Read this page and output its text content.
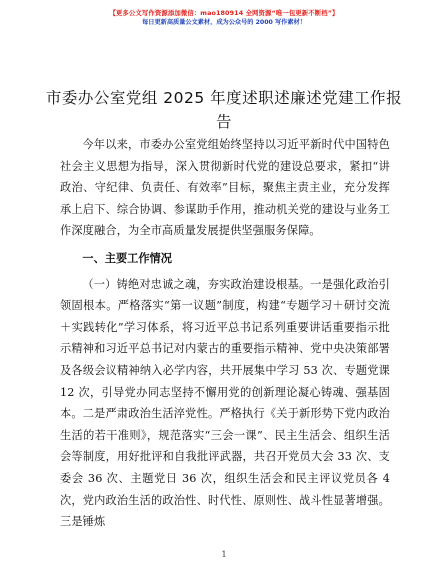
【更多公文写作资源添加微信：mao180914 全网资源“唯一包更新不断档”】
每日更新高质量公文素材，成为公众号的 2000 写作素材！
市委办公室党组 2025 年度述职述廉述党建工作报告

今年以来，市委办公室党组始终坚持以习近平新时代中国特色社会主义思想为指导，深入贯彻新时代党的建设总要求，紧扣“讲政治、守纪律、负责任、有效率”目标，聚焦主责主业，充分发挥承上启下、综合协调、参谋助手作用，推动机关党的建设与业务工作深度融合，为全市高质量发展提供坚强服务保障。

一、主要工作情况

（一）铸绝对忠诚之魂，夯实政治建设根基。一是强化政治引领固根本。严格落实“第一议题”制度，构建“专题学习＋研讨交流＋实践转化”学习体系，将习近平总书记系列重要讲话重要指示批示精神和习近平总书记对内蒙古的重要指示精神、党中央决策部署及各级会议精神纳入必学内容，共开展集中学习 53 次、专题党课 12 次，引导党办同志坚持不懈用党的创新理论凝心铸魂、强基固本。二是严肃政治生活淬党性。严格执行《关于新形势下党内政治生活的若干准则》，规范落实“三会一课”、民主生活会、组织生活会等制度，用好批评和自我批评武器，共召开党员大会 33 次、支委会 36 次、主题党日 36 次，组织生活会和民主评议党员各 4 次，党内政治生活的政治性、时代性、原则性、战斗性显著增强。三是锤炼

1
